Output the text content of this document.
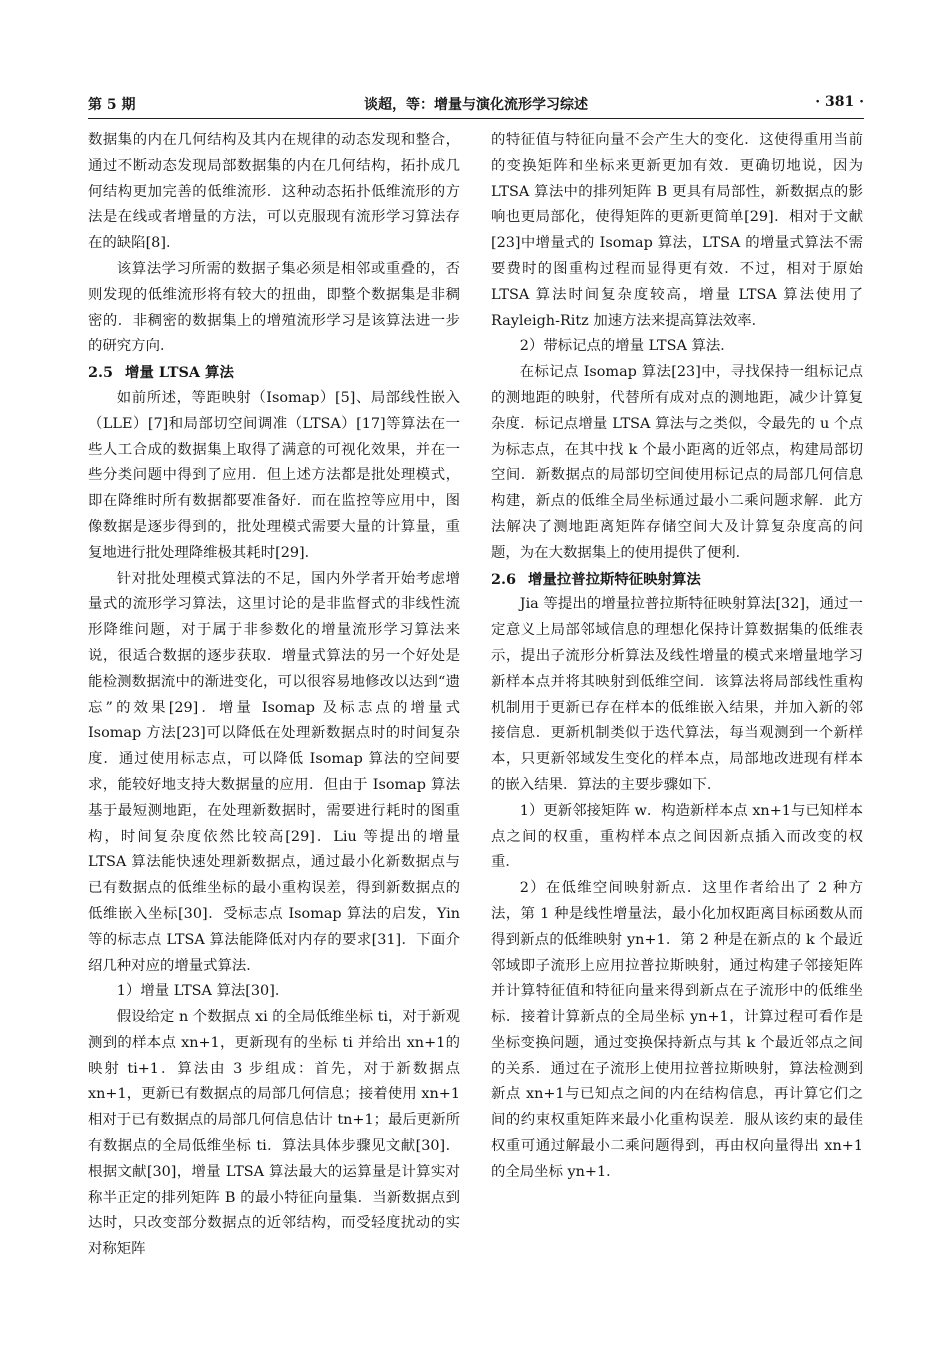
第 5 期	谈超，等：增量与演化流形学习综述	· 381 ·

数据集的内在几何结构及其内在规律的动态发现和整合，通过不断动态发现局部数据集的内在几何结构，拓扑成几何结构更加完善的低维流形．这种动态拓扑低维流形的方法是在线或者增量的方法，可以克服现有流形学习算法存在的缺陷[8]．

该算法学习所需的数据子集必须是相邻或重叠的，否则发现的低维流形将有较大的扭曲，即整个数据集是非稠密的．非稠密的数据集上的增殖流形学习是该算法进一步的研究方向．

2.5 增量 LTSA 算法

如前所述，等距映射（Isomap）[5]、局部线性嵌入（LLE）[7]和局部切空间调准（LTSA）[17]等算法在一些人工合成的数据集上取得了满意的可视化效果，并在一些分类问题中得到了应用．但上述方法都是批处理模式，即在降维时所有数据都要准备好．而在监控等应用中，图像数据是逐步得到的，批处理模式需要大量的计算量，重复地进行批处理降维极其耗时[29]．

针对批处理模式算法的不足，国内外学者开始考虑增量式的流形学习算法，这里讨论的是非监督式的非线性流形降维问题，对于属于非参数化的增量流形学习算法来说，很适合数据的逐步获取．增量式算法的另一个好处是能检测数据流中的渐进变化，可以很容易地修改以达到“遗忘”的效果[29]．增量 Isomap 及标志点的增量式 Isomap 方法[23]可以降低在处理新数据点时的时间复杂度．通过使用标志点，可以降低 Isomap 算法的空间要求，能较好地支持大数据量的应用．但由于 Isomap 算法基于最短测地距，在处理新数据时，需要进行耗时的图重构，时间复杂度依然比较高[29]．Liu 等提出的增量 LTSA 算法能快速处理新数据点，通过最小化新数据点与已有数据点的低维坐标的最小重构误差，得到新数据点的低维嵌入坐标[30]．受标志点 Isomap 算法的启发，Yin 等的标志点 LTSA 算法能降低对内存的要求[31]．下面介绍几种对应的增量式算法．

1）增量 LTSA 算法[30]．

假设给定 n 个数据点 xi 的全局低维坐标 ti，对于新观测到的样本点 xn+1，更新现有的坐标 ti 并给出 xn+1的映射 ti+1．算法由 3 步组成：首先，对于新数据点 xn+1，更新已有数据点的局部几何信息；接着使用 xn+1 相对于已有数据点的局部几何信息估计 tn+1；最后更新所有数据点的全局低维坐标 ti．算法具体步骤见文献[30]．根据文献[30]，增量 LTSA 算法最大的运算量是计算实对称半正定的排列矩阵 B 的最小特征向量集．当新数据点到达时，只改变部分数据点的近邻结构，而受轻度扰动的实对称矩阵

的特征值与特征向量不会产生大的变化．这使得重用当前的变换矩阵和坐标来更新更加有效．更确切地说，因为 LTSA 算法中的排列矩阵 B 更具有局部性，新数据点的影响也更局部化，使得矩阵的更新更简单[29]．相对于文献[23]中增量式的 Isomap 算法，LTSA 的增量式算法不需要费时的图重构过程而显得更有效．不过，相对于原始 LTSA 算法时间复杂度较高，增量 LTSA 算法使用了 Rayleigh-Ritz 加速方法来提高算法效率．

2）带标记点的增量 LTSA 算法．

在标记点 Isomap 算法[23]中，寻找保持一组标记点的测地距的映射，代替所有成对点的测地距，减少计算复杂度．标记点增量 LTSA 算法与之类似，令最先的 u 个点为标志点，在其中找 k 个最小距离的近邻点，构建局部切空间．新数据点的局部切空间使用标记点的局部几何信息构建，新点的低维全局坐标通过最小二乘问题求解．此方法解决了测地距离矩阵存储空间大及计算复杂度高的问题，为在大数据集上的使用提供了便利．

2.6 增量拉普拉斯特征映射算法

Jia 等提出的增量拉普拉斯特征映射算法[32]，通过一定意义上局部邻域信息的理想化保持计算数据集的低维表示，提出子流形分析算法及线性增量的模式来增量地学习新样本点并将其映射到低维空间．该算法将局部线性重构机制用于更新已存在样本的低维嵌入结果，并加入新的邻接信息．更新机制类似于迭代算法，每当观测到一个新样本，只更新邻域发生变化的样本点，局部地改进现有样本的嵌入结果．算法的主要步骤如下．

1）更新邻接矩阵 w．构造新样本点 xn+1与已知样本点之间的权重，重构样本点之间因新点插入而改变的权重．

2）在低维空间映射新点．这里作者给出了 2 种方法，第 1 种是线性增量法，最小化加权距离目标函数从而得到新点的低维映射 yn+1．第 2 种是在新点的 k 个最近邻域即子流形上应用拉普拉斯映射，通过构建子邻接矩阵并计算特征值和特征向量来得到新点在子流形中的低维坐标．接着计算新点的全局坐标 yn+1，计算过程可看作是坐标变换问题，通过变换保持新点与其 k 个最近邻点之间的关系．通过在子流形上使用拉普拉斯映射，算法检测到新点 xn+1与已知点之间的内在结构信息，再计算它们之间的约束权重矩阵来最小化重构误差．服从该约束的最佳权重可通过解最小二乘问题得到，再由权向量得出 xn+1的全局坐标 yn+1．
